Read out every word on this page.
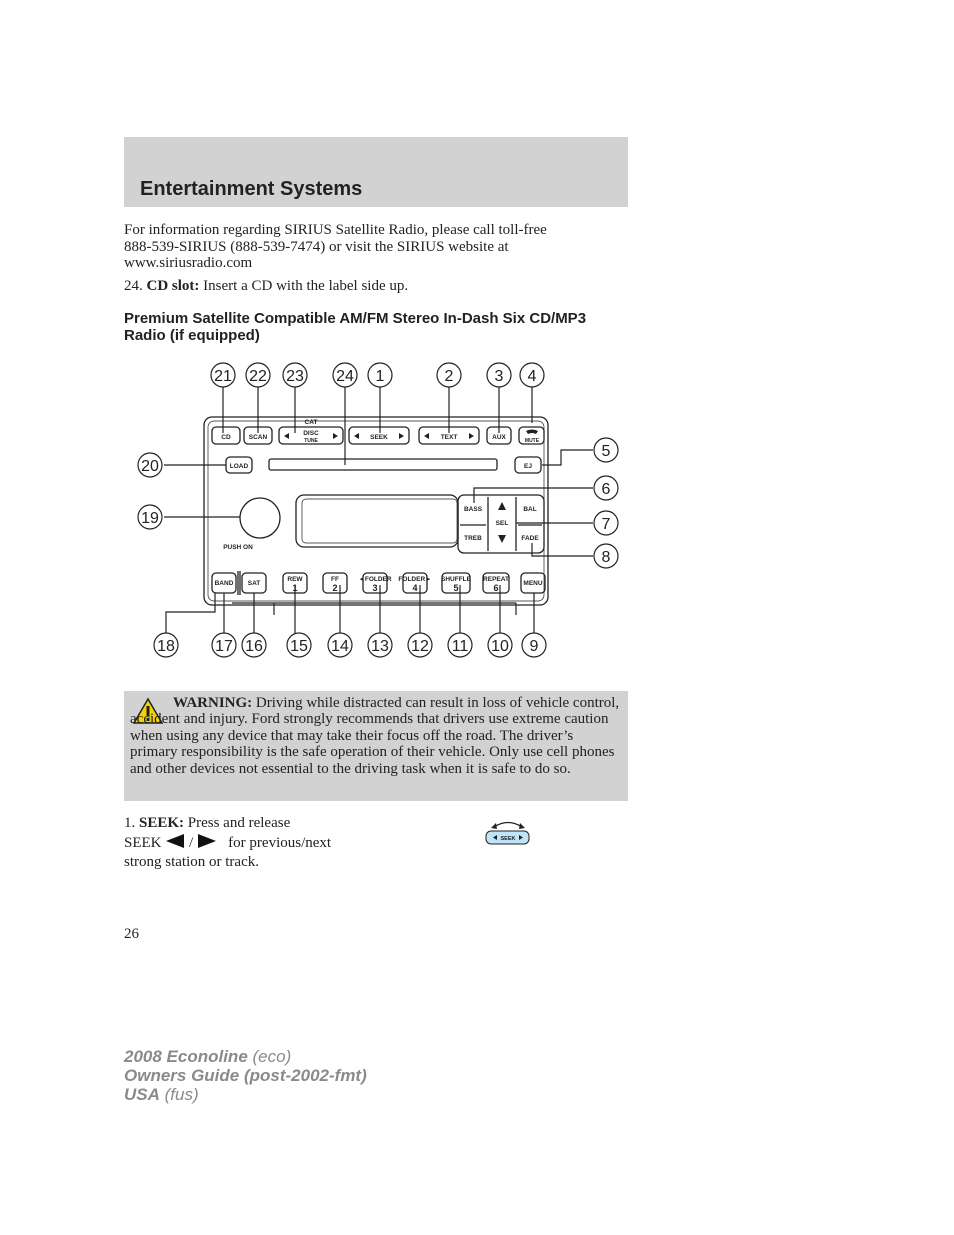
Entertainment Systems
For information regarding SIRIUS Satellite Radio, please call toll-free
888-539-SIRIUS (888-539-7474) or visit the SIRIUS website at
www.siriusradio.com
24. CD slot: Insert a CD with the label side up.
Premium Satellite Compatible AM/FM Stereo In-Dash Six CD/MP3
Radio (if equipped)
21 22 23 24 1	2	3 4
5
6
7
8
20
19
18	17 16 15 14 13 12 11 10 9
CD	SCAN
CAT
DISC
TUNE	SEEK	TEXT	AUX	MUTE
LOAD	EJ
PUSH ON
BASS
TREB
SEL
BAL
FADE
BAND SAT
REW	FF	◄FOLDER FOLDER► SHUFFLE REPEAT
MENU
1	2	3	4	5	6
WARNING: Driving while distracted can result in loss of vehicle control, accident and injury. Ford strongly recommends that drivers use extreme caution when using any device that may take their focus off the road. The driver’s primary responsibility is the safe operation of their vehicle. Only use cell phones and other devices not essential to the driving task when it is safe to do so.
1. SEEK: Press and release
SEEK / for previous/next
strong station or track.
SEEK
26
2008 Econoline (eco)
Owners Guide (post-2002-fmt)
USA (fus)
